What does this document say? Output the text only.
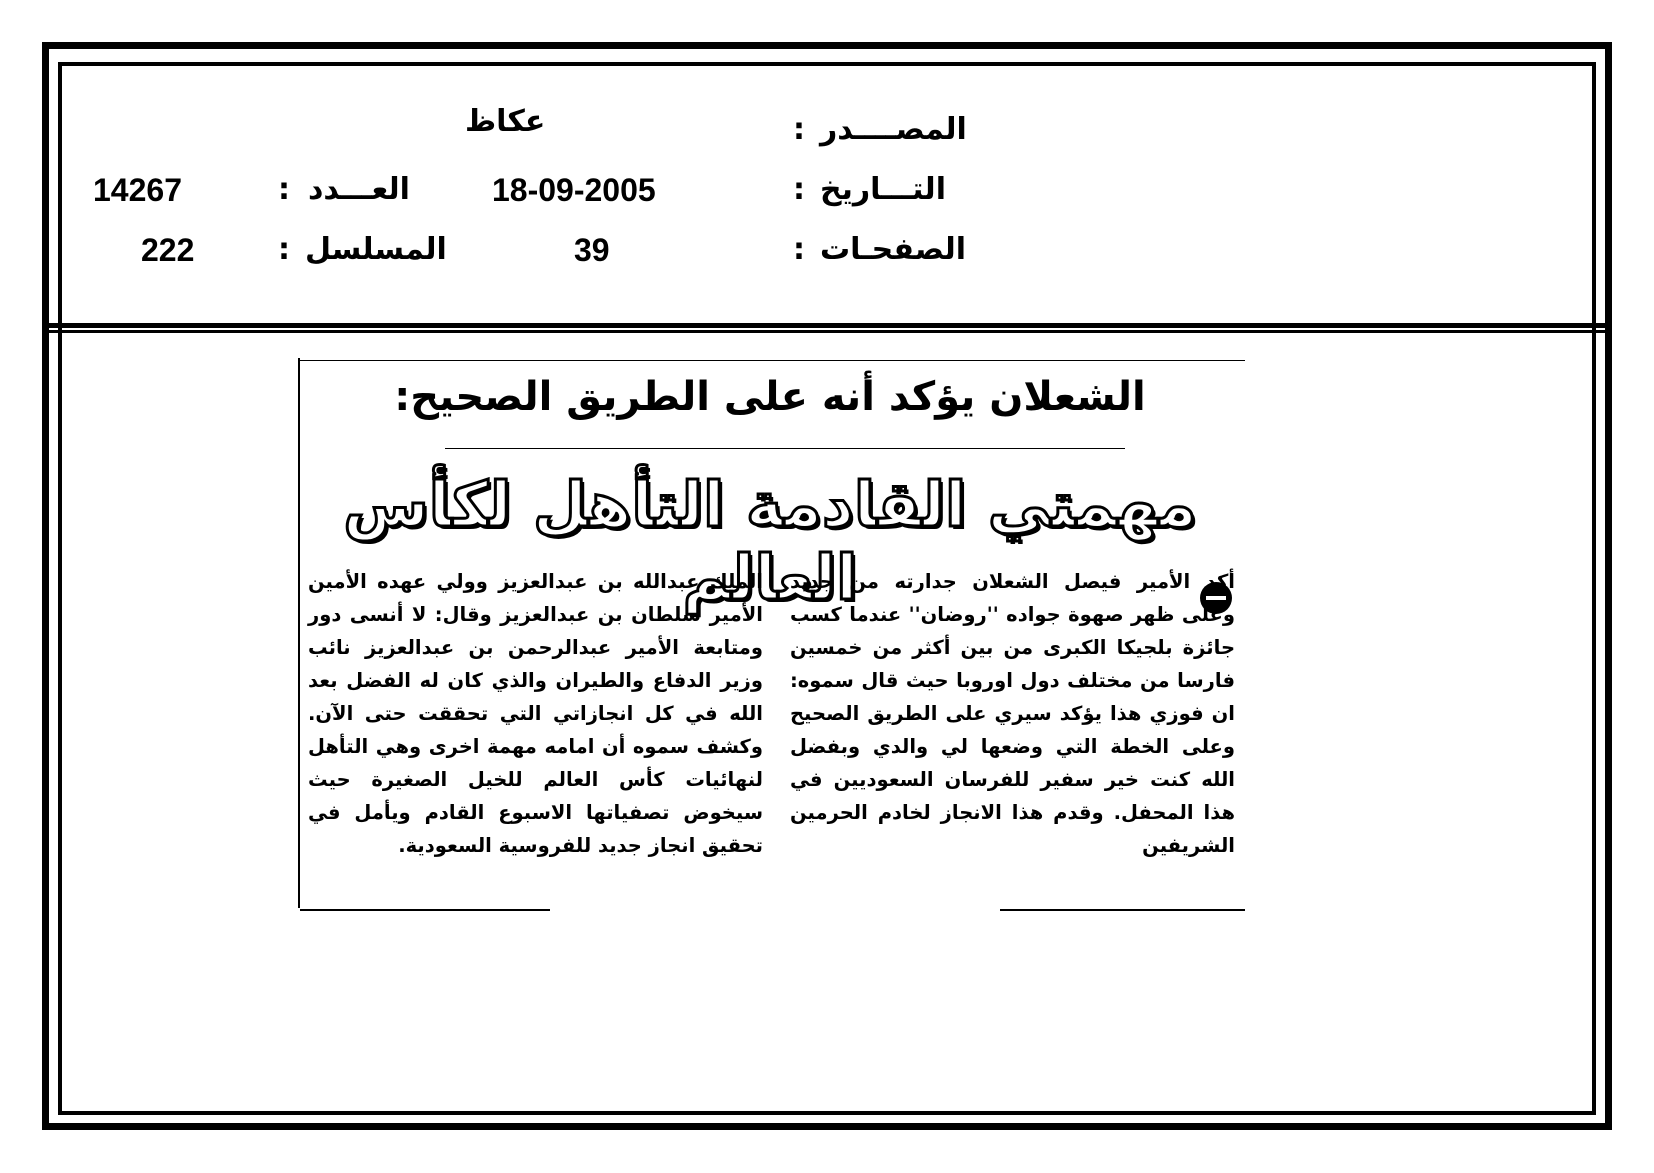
المصــــدر
:
عكاظ
التـــاريخ
:
18-09-2005
الصفحـات
:
39
العـــدد
:
14267
المسلسل
:
222
الشعلان يؤكد أنه على الطريق الصحيح:
مهمتي القادمة التأهل لكأس العالم
أكد الأمير فيصل الشعلان جدارته من جديد وعلى ظهر صهوة جواده ''روضان'' عندما كسب جائزة بلجيكا الكبرى من بين أكثر من خمسين فارسا من مختلف دول اوروبا حيث قال سموه: ان فوزي هذا يؤكد سيري على الطريق الصحيح وعلى الخطة التي وضعها لي والدي وبفضل الله كنت خير سفير للفرسان السعوديين في هذا المحفل. وقدم هذا الانجاز لخادم الحرمين الشريفين
الملك عبدالله بن عبدالعزيز وولي عهده الأمين الأمير سلطان بن عبدالعزيز وقال: لا أنسى دور ومتابعة الأمير عبدالرحمن بن عبدالعزيز نائب وزير الدفاع والطيران والذي كان له الفضل بعد الله في كل انجازاتي التي تحققت حتى الآن. وكشف سموه أن امامه مهمة اخرى وهي التأهل لنهائيات كأس العالم للخيل الصغيرة حيث سيخوض تصفياتها الاسبوع القادم ويأمل في تحقيق انجاز جديد للفروسية السعودية.
